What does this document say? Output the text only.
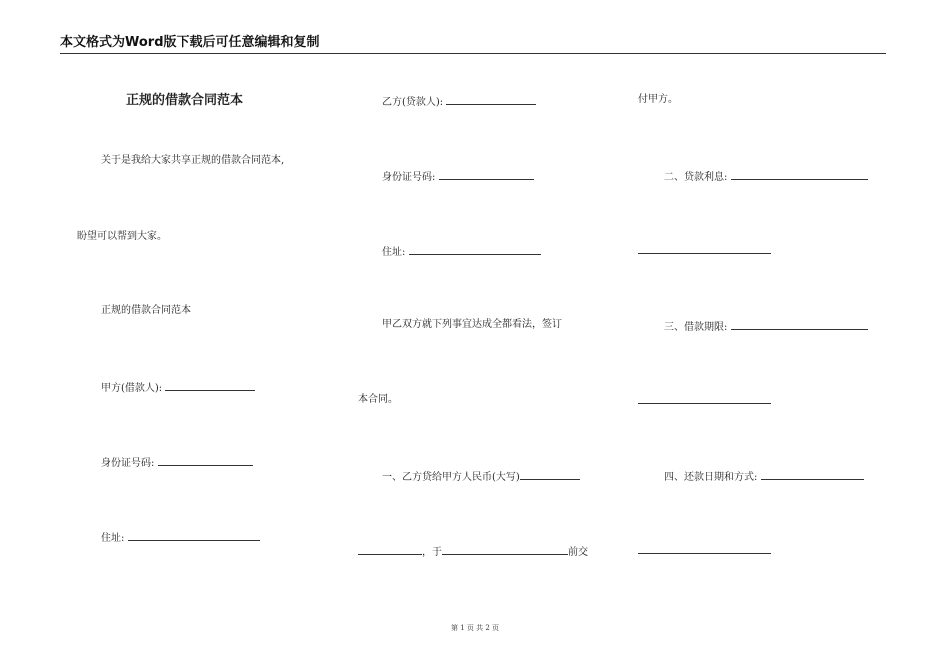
本文格式为Word版下载后可任意编辑和复制
正规的借款合同范本
关于是我给大家共享正规的借款合同范本,
盼望可以帮到大家。
正规的借款合同范本
甲方(借款人):
身份证号码:
住址:
乙方(贷款人):
身份证号码:
住址:
甲乙双方就下列事宜达成全都看法，签订
本合同。
一、乙方贷给甲方人民币(大写)
，于	前交
付甲方。
二、贷款利息:
三、借款期限:
四、还款日期和方式:
第 1 页 共 2 页
